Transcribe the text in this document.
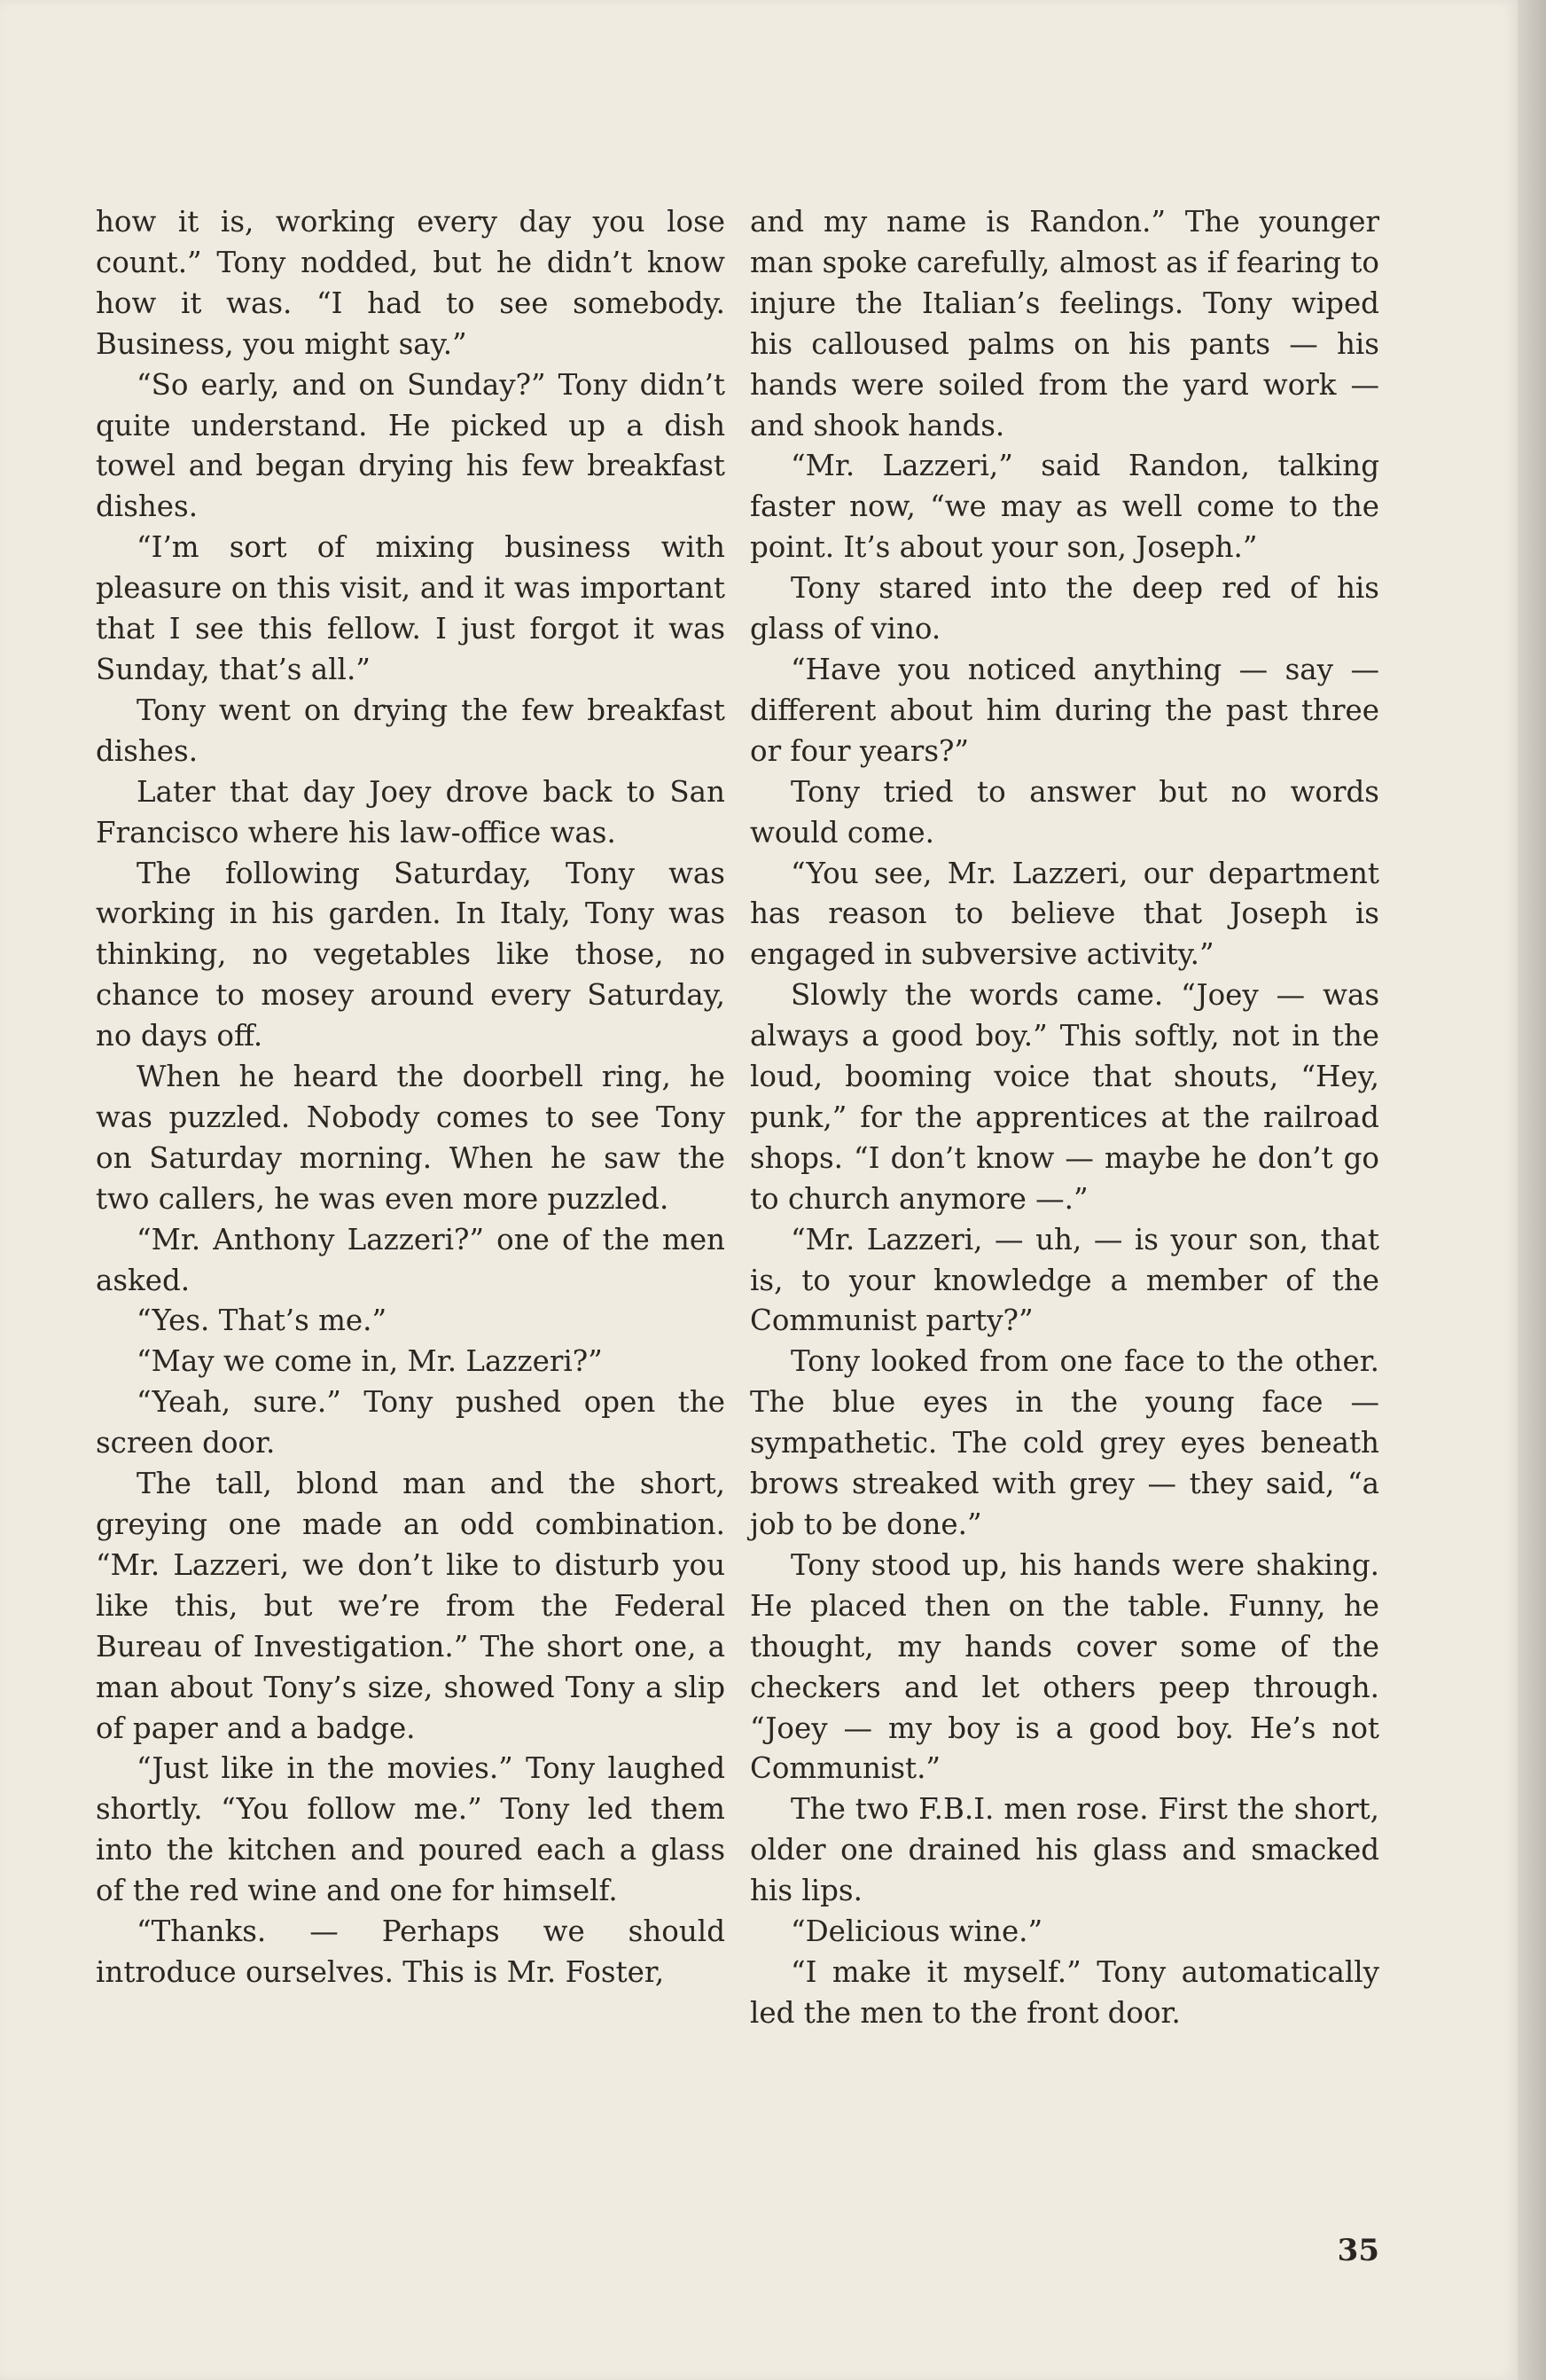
how it is, working every day you lose count.” Tony nodded, but he didn’t know how it was. “I had to see somebody. Business, you might say.”

“So early, and on Sunday?” Tony didn’t quite understand. He picked up a dish towel and began drying his few breakfast dishes.

“I’m sort of mixing business with pleasure on this visit, and it was important that I see this fellow. I just forgot it was Sunday, that’s all.”

Tony went on drying the few breakfast dishes.

Later that day Joey drove back to San Francisco where his law-office was.

The following Saturday, Tony was working in his garden. In Italy, Tony was thinking, no vegetables like those, no chance to mosey around every Saturday, no days off.

When he heard the doorbell ring, he was puzzled. Nobody comes to see Tony on Saturday morning. When he saw the two callers, he was even more puzzled.

“Mr. Anthony Lazzeri?” one of the men asked.

“Yes. That’s me.”

“May we come in, Mr. Lazzeri?”

“Yeah, sure.” Tony pushed open the screen door.

The tall, blond man and the short, greying one made an odd combination. “Mr. Lazzeri, we don’t like to disturb you like this, but we’re from the Federal Bureau of Investigation.” The short one, a man about Tony’s size, showed Tony a slip of paper and a badge.

“Just like in the movies.” Tony laughed shortly. “You follow me.” Tony led them into the kitchen and poured each a glass of the red wine and one for himself.

“Thanks. — Perhaps we should introduce ourselves. This is Mr. Foster,

and my name is Randon.” The younger man spoke carefully, almost as if fearing to injure the Italian’s feelings. Tony wiped his calloused palms on his pants — his hands were soiled from the yard work — and shook hands.

“Mr. Lazzeri,” said Randon, talking faster now, “we may as well come to the point. It’s about your son, Joseph.”

Tony stared into the deep red of his glass of vino.

“Have you noticed anything — say — different about him during the past three or four years?”

Tony tried to answer but no words would come.

“You see, Mr. Lazzeri, our department has reason to believe that Joseph is engaged in subversive activity.”

Slowly the words came. “Joey — was always a good boy.” This softly, not in the loud, booming voice that shouts, “Hey, punk,” for the apprentices at the railroad shops. “I don’t know — maybe he don’t go to church anymore —.”

“Mr. Lazzeri, — uh, — is your son, that is, to your knowledge a member of the Communist party?”

Tony looked from one face to the other. The blue eyes in the young face — sympathetic. The cold grey eyes beneath brows streaked with grey — they said, “a job to be done.”

Tony stood up, his hands were shaking. He placed then on the table. Funny, he thought, my hands cover some of the checkers and let others peep through. “Joey — my boy is a good boy. He’s not Communist.”

The two F.B.I. men rose. First the short, older one drained his glass and smacked his lips.

“Delicious wine.”

“I make it myself.” Tony automatically led the men to the front door.

35
